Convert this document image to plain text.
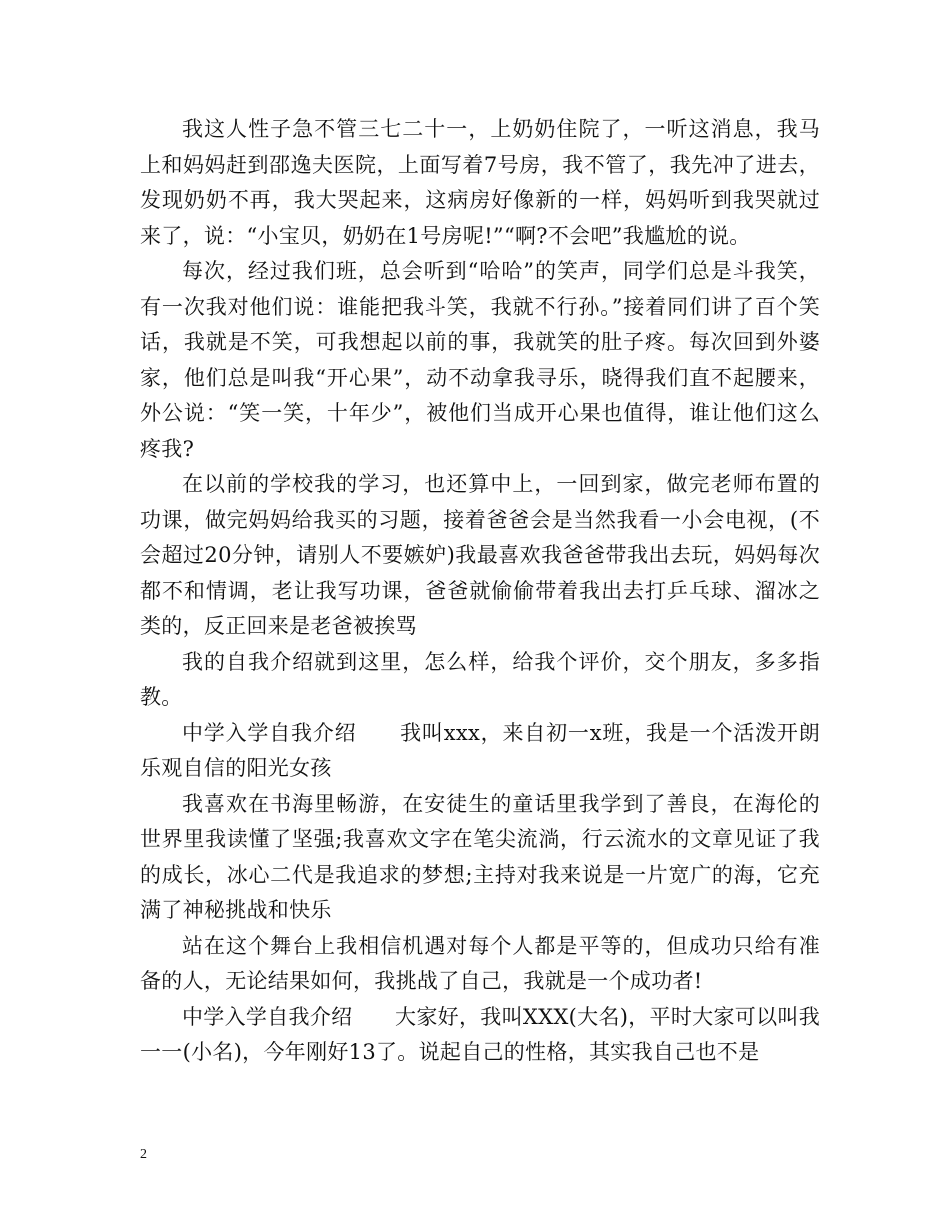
我这人性子急不管三七二十一，上奶奶住院了，一听这消息，我马上和妈妈赶到邵逸夫医院，上面写着7号房，我不管了，我先冲了进去，发现奶奶不再，我大哭起来，这病房好像新的一样，妈妈听到我哭就过来了，说：“小宝贝，奶奶在1号房呢!”“啊?不会吧”我尴尬的说。

每次，经过我们班，总会听到“哈哈”的笑声，同学们总是斗我笑，有一次我对他们说：谁能把我斗笑，我就不行孙。”接着同们讲了百个笑话，我就是不笑，可我想起以前的事，我就笑的肚子疼。每次回到外婆家，他们总是叫我“开心果”，动不动拿我寻乐，晓得我们直不起腰来，外公说：“笑一笑，十年少”，被他们当成开心果也值得，谁让他们这么疼我?

在以前的学校我的学习，也还算中上，一回到家，做完老师布置的功课，做完妈妈给我买的习题，接着爸爸会是当然我看一小会电视，(不会超过20分钟，请别人不要嫉妒)我最喜欢我爸爸带我出去玩，妈妈每次都不和情调，老让我写功课，爸爸就偷偷带着我出去打乒乓球、溜冰之类的，反正回来是老爸被挨骂

我的自我介绍就到这里，怎么样，给我个评价，交个朋友，多多指教。

中学入学自我介绍　　我叫xxx，来自初一x班，我是一个活泼开朗乐观自信的阳光女孩

我喜欢在书海里畅游，在安徒生的童话里我学到了善良，在海伦的世界里我读懂了坚强;我喜欢文字在笔尖流淌，行云流水的文章见证了我的成长，冰心二代是我追求的梦想;主持对我来说是一片宽广的海，它充满了神秘挑战和快乐

站在这个舞台上我相信机遇对每个人都是平等的，但成功只给有准备的人，无论结果如何，我挑战了自己，我就是一个成功者!

中学入学自我介绍　　大家好，我叫XXX(大名)，平时大家可以叫我一一(小名)，今年刚好13了。说起自己的性格，其实我自己也不是

2
